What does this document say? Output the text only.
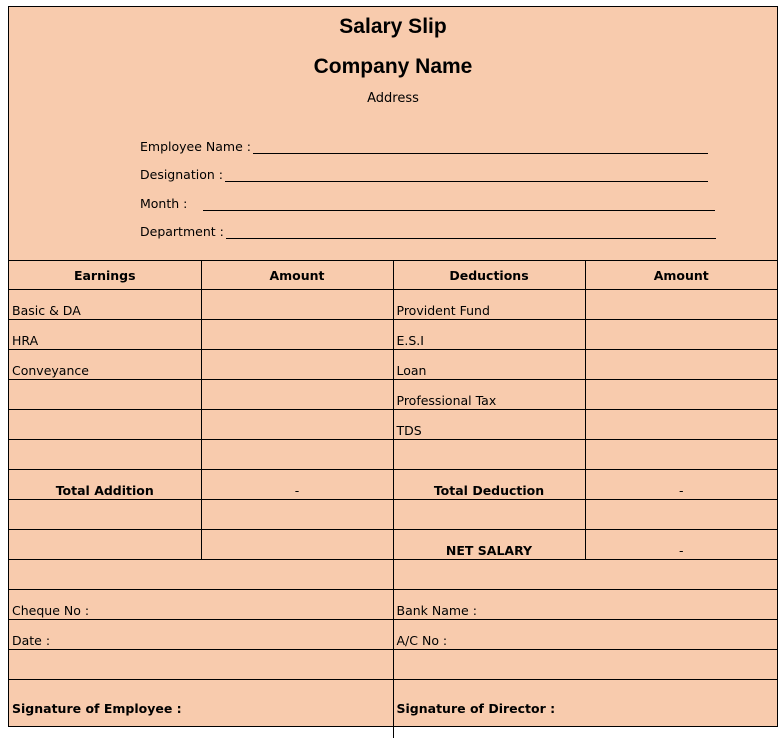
Salary Slip
Company Name
Address
Employee Name :
Designation :
Month :
Department :
Earnings	Amount	Deductions	Amount
Basic & DA		Provident Fund	
HRA		E.S.I	
Conveyance		Loan	
		Professional Tax	
		TDS	

Total Addition	-	Total Deduction	-

		NET SALARY	-

Cheque No :		Bank Name :	
Date :		A/C No :	

Signature of Employee :		Signature of Director :	
